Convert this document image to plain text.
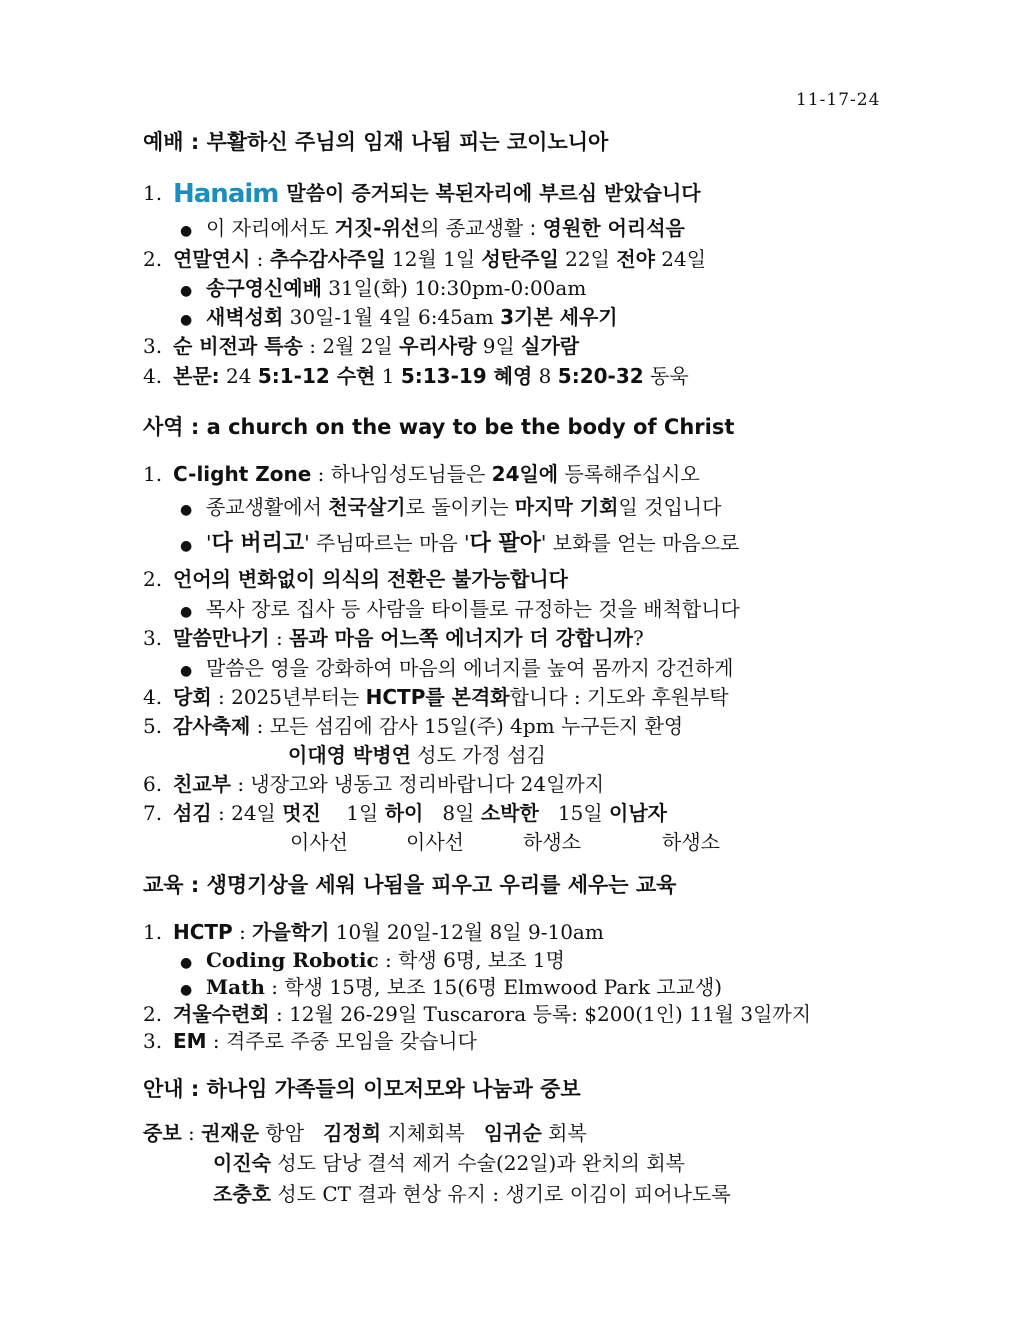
11-17-24
예배 : 부활하신 주님의 임재 나됨 피는 코이노니아
1. Hanaim 말씀이 증거되는 복된자리에 부르심 받았습니다
● 이 자리에서도 거짓-위선의 종교생활 : 영원한 어리석음
2. 연말연시 : 추수감사주일 12월 1일 성탄주일 22일 전야 24일
● 송구영신예배 31일(화) 10:30pm-0:00am
● 새벽성회 30일-1월 4일 6:45am 3기본 세우기
3. 순 비전과 특송 : 2월 2일 우리사랑 9일 실가람
4. 본문: 24 5:1-12 수현 1 5:13-19 혜영 8 5:20-32 동욱
사역 : a church on the way to be the body of Christ
1. C-light Zone : 하나임성도님들은 24일에 등록해주십시오
● 종교생활에서 천국살기로 돌이키는 마지막 기회일 것입니다
● '다 버리고' 주님따르는 마음 '다 팔아' 보화를 얻는 마음으로
2. 언어의 변화없이 의식의 전환은 불가능합니다
● 목사 장로 집사 등 사람을 타이틀로 규정하는 것을 배척합니다
3. 말씀만나기 : 몸과 마음 어느쪽 에너지가 더 강합니까?
● 말씀은 영을 강화하여 마음의 에너지를 높여 몸까지 강건하게
4. 당회 : 2025년부터는 HCTP를 본격화합니다 : 기도와 후원부탁
5. 감사축제 : 모든 섬김에 감사 15일(주) 4pm 누구든지 환영
이대영 박병연 성도 가정 섬김
6. 친교부 : 냉장고와 냉동고 정리바랍니다 24일까지
7. 섬김 : 24일 멋진    1일 하이   8일 소박한   15일 이남자
이사선	이사선	하생소	하생소
교육 : 생명기상을 세워 나됨을 피우고 우리를 세우는 교육
1. HCTP : 가을학기 10월 20일-12월 8일 9-10am
● Coding Robotic : 학생 6명, 보조 1명
● Math : 학생 15명, 보조 15(6명 Elmwood Park 고교생)
2. 겨울수련회 : 12월 26-29일 Tuscarora 등록: $200(1인) 11월 3일까지
3. EM : 격주로 주중 모임을 갖습니다
안내 : 하나임 가족들의 이모저모와 나눔과 중보
중보 : 권재운 항암   김정희 지체회복   임귀순 회복
이진숙 성도 담낭 결석 제거 수술(22일)과 완치의 회복
조충호 성도 CT 결과 현상 유지 : 생기로 이김이 피어나도록
